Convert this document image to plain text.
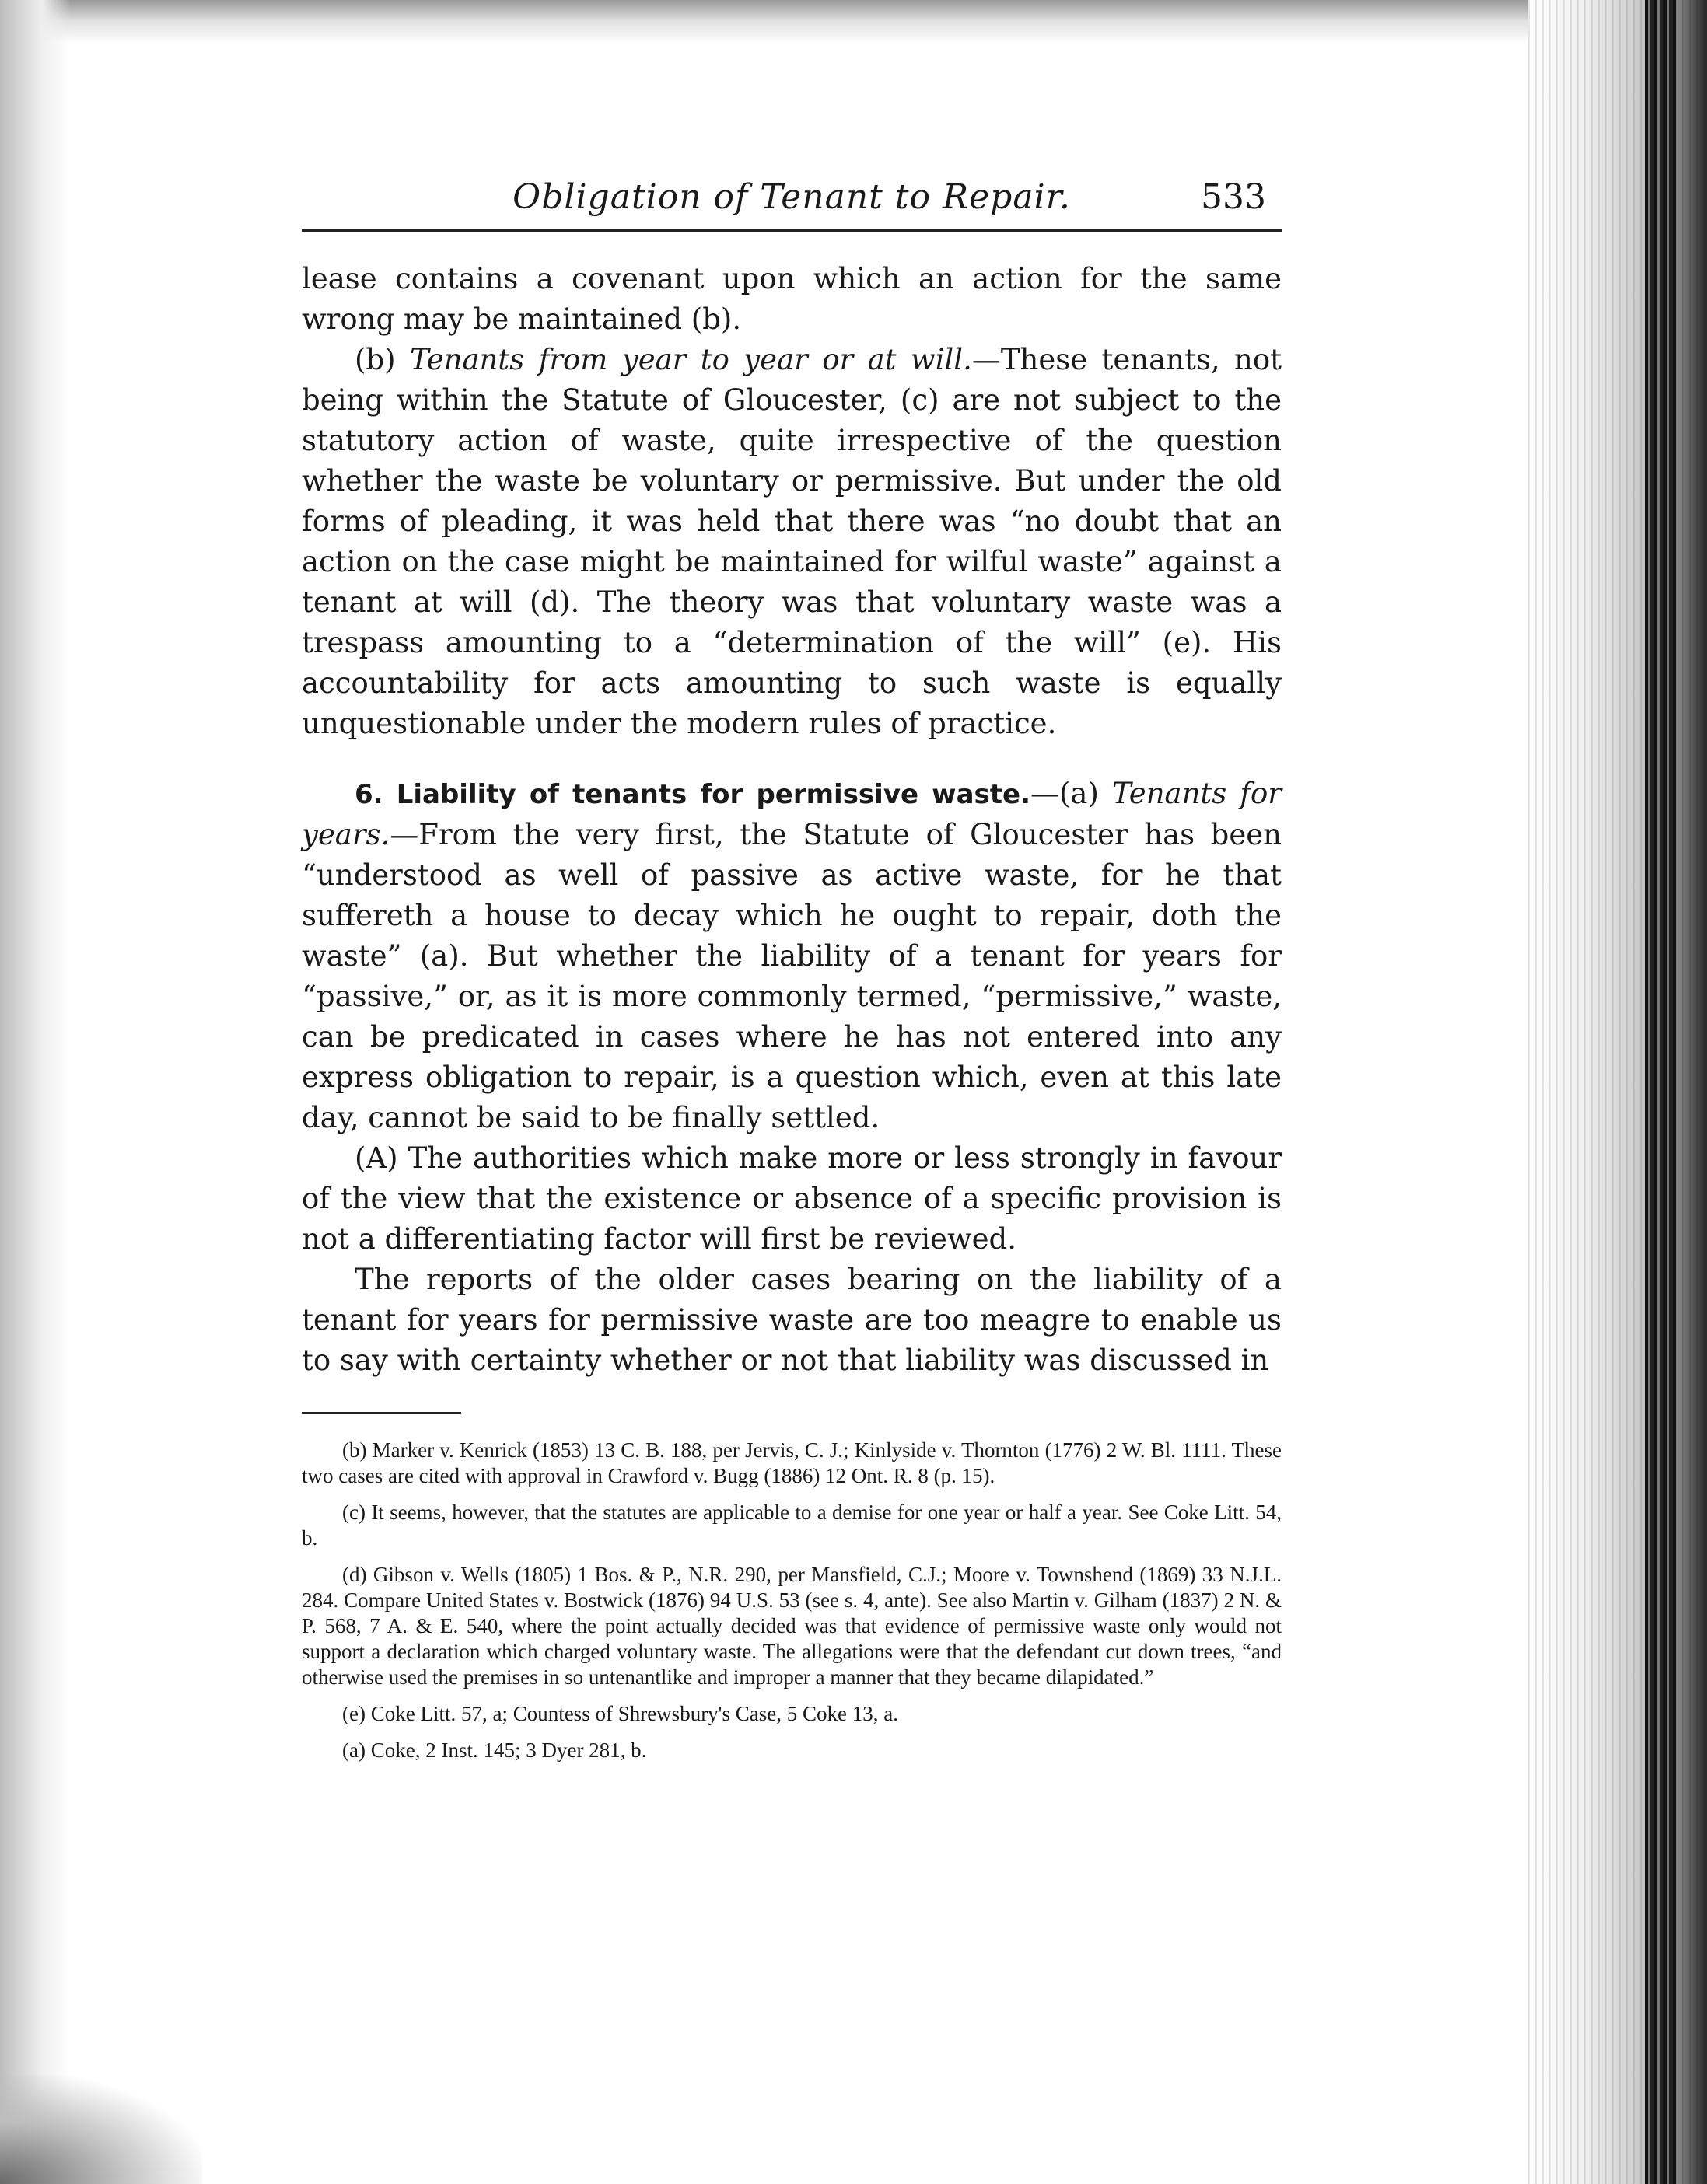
Obligation of Tenant to Repair.	533

lease contains a covenant upon which an action for the same wrong may be maintained (b).

(b) Tenants from year to year or at will.—These tenants, not being within the Statute of Gloucester, (c) are not subject to the statutory action of waste, quite irrespective of the question whether the waste be voluntary or permissive. But under the old forms of pleading, it was held that there was “no doubt that an action on the case might be maintained for wilful waste” against a tenant at will (d). The theory was that voluntary waste was a trespass amounting to a “determination of the will” (e). His accountability for acts amounting to such waste is equally unquestionable under the modern rules of practice.

6. Liability of tenants for permissive waste.—(a) Tenants for years.—From the very first, the Statute of Gloucester has been “understood as well of passive as active waste, for he that suffereth a house to decay which he ought to repair, doth the waste” (a). But whether the liability of a tenant for years for “passive,” or, as it is more commonly termed, “permissive,” waste, can be predicated in cases where he has not entered into any express obligation to repair, is a question which, even at this late day, cannot be said to be finally settled.

(A) The authorities which make more or less strongly in favour of the view that the existence or absence of a specific provision is not a differentiating factor will first be reviewed.

The reports of the older cases bearing on the liability of a tenant for years for permissive waste are too meagre to enable us to say with certainty whether or not that liability was discussed in

(b) Marker v. Kenrick (1853) 13 C. B. 188, per Jervis, C. J.; Kinlyside v. Thornton (1776) 2 W. Bl. 1111. These two cases are cited with approval in Crawford v. Bugg (1886) 12 Ont. R. 8 (p. 15).

(c) It seems, however, that the statutes are applicable to a demise for one year or half a year. See Coke Litt. 54, b.

(d) Gibson v. Wells (1805) 1 Bos. & P., N.R. 290, per Mansfield, C.J.; Moore v. Townshend (1869) 33 N.J.L. 284. Compare United States v. Bostwick (1876) 94 U.S. 53 (see s. 4, ante). See also Martin v. Gilham (1837) 2 N. & P. 568, 7 A. & E. 540, where the point actually decided was that evidence of permissive waste only would not support a declaration which charged voluntary waste. The allegations were that the defendant cut down trees, “and otherwise used the premises in so untenantlike and improper a manner that they became dilapidated.”

(e) Coke Litt. 57, a; Countess of Shrewsbury's Case, 5 Coke 13, a.

(a) Coke, 2 Inst. 145; 3 Dyer 281, b.
